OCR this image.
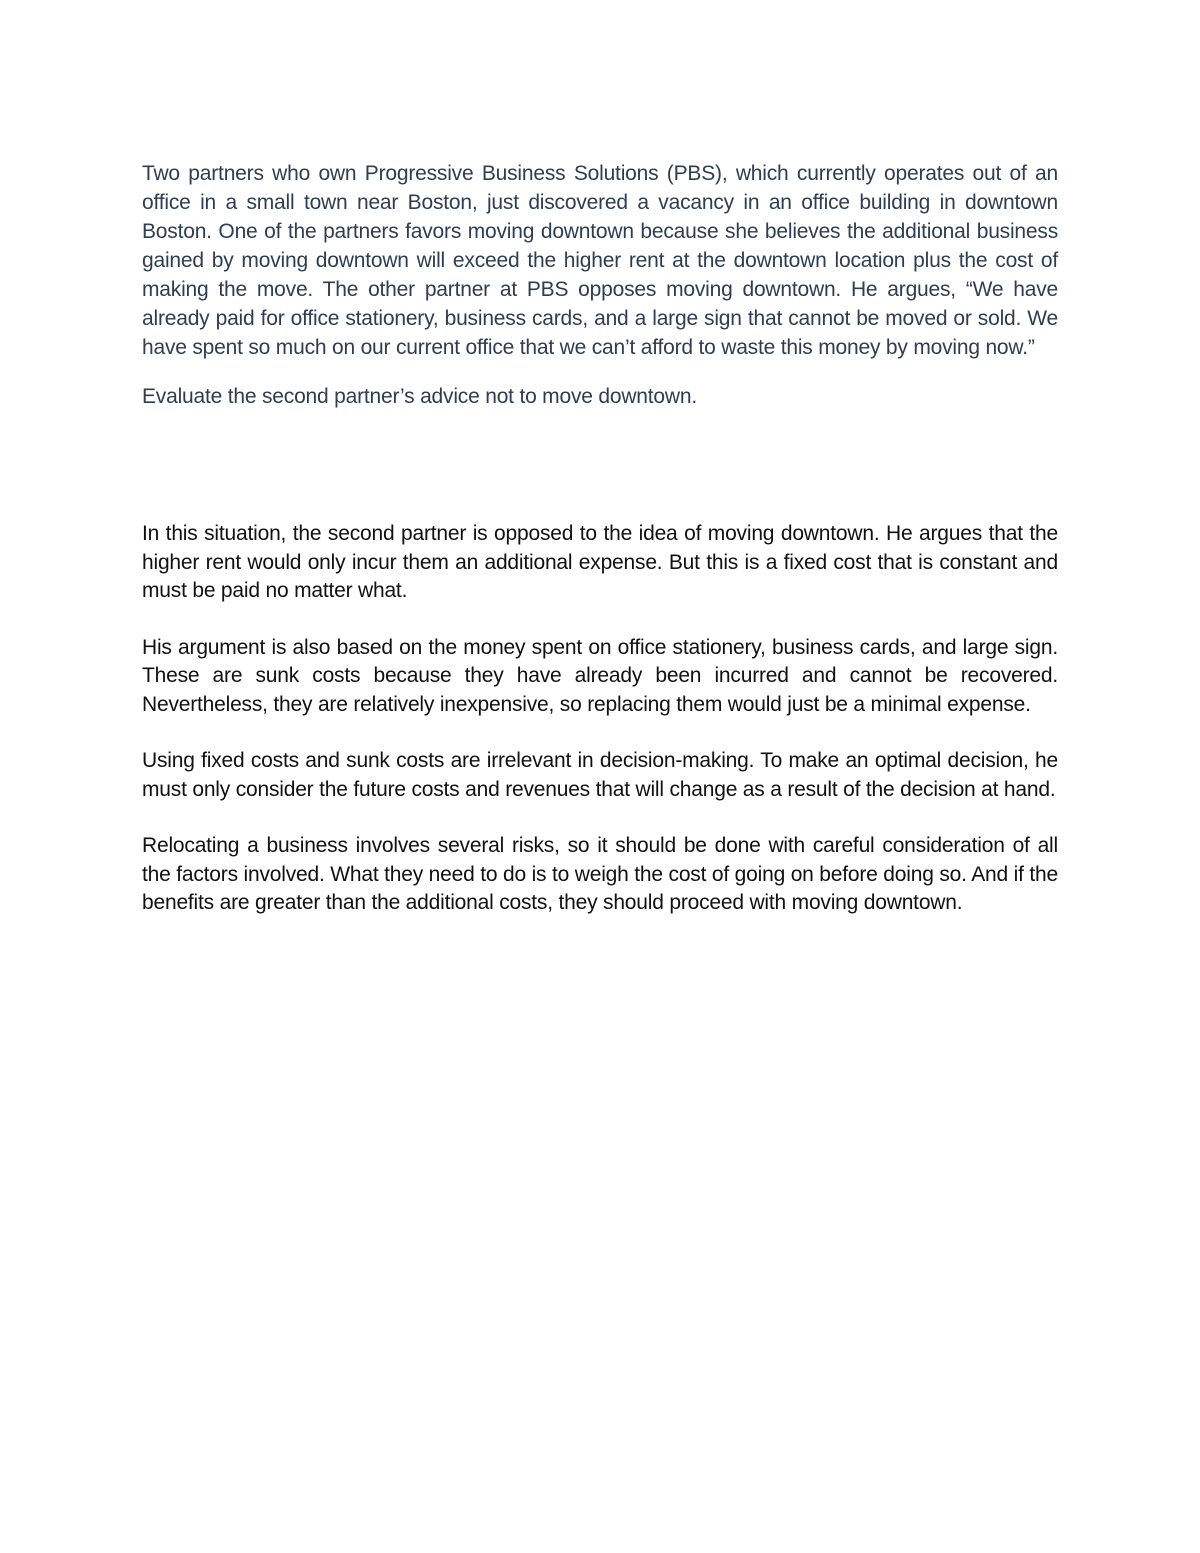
Two partners who own Progressive Business Solutions (PBS), which currently operates out of an office in a small town near Boston, just discovered a vacancy in an office building in downtown Boston. One of the partners favors moving downtown because she believes the additional business gained by moving downtown will exceed the higher rent at the downtown location plus the cost of making the move. The other partner at PBS opposes moving downtown. He argues, “We have already paid for office stationery, business cards, and a large sign that cannot be moved or sold. We have spent so much on our current office that we can’t afford to waste this money by moving now.”

Evaluate the second partner’s advice not to move downtown.

In this situation, the second partner is opposed to the idea of moving downtown. He argues that the higher rent would only incur them an additional expense. But this is a fixed cost that is constant and must be paid no matter what.

His argument is also based on the money spent on office stationery, business cards, and large sign. These are sunk costs because they have already been incurred and cannot be recovered. Nevertheless, they are relatively inexpensive, so replacing them would just be a minimal expense.

Using fixed costs and sunk costs are irrelevant in decision-making. To make an optimal decision, he must only consider the future costs and revenues that will change as a result of the decision at hand.

Relocating a business involves several risks, so it should be done with careful consideration of all the factors involved. What they need to do is to weigh the cost of going on before doing so. And if the benefits are greater than the additional costs, they should proceed with moving downtown.
